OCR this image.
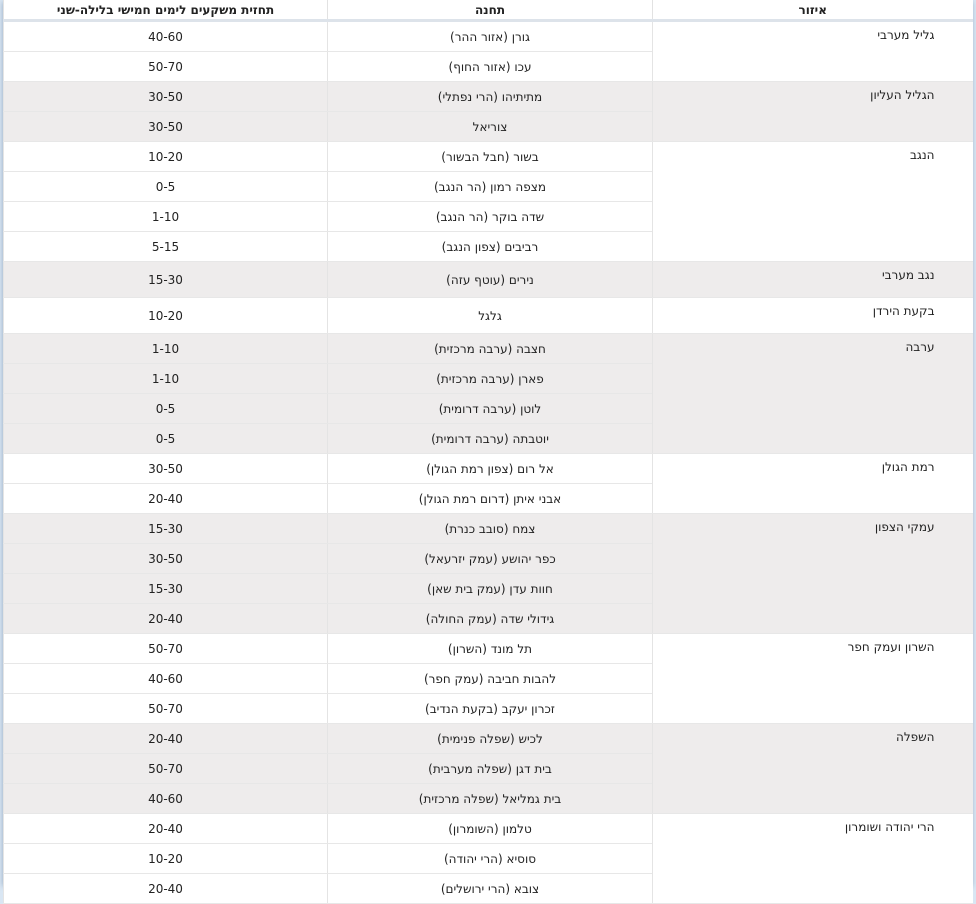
איזור	תחנה	תחזית משקעים לימים חמישי בלילה-שני
גליל מערבי	גורן (אזור ההר)	40-60
	עכו (אזור החוף)	50-70
הגליל העליון	מתיתיהו (הרי נפתלי)	30-50
	צוריאל	30-50
הנגב	בשור (חבל הבשור)	10-20
	מצפה רמון (הר הנגב)	0-5
	שדה בוקר (הר הנגב)	1-10
	רביבים (צפון הנגב)	5-15
נגב מערבי	נירים (עוטף עזה)	15-30
בקעת הירדן	גלגל	10-20
ערבה	חצבה (ערבה מרכזית)	1-10
	פארן (ערבה מרכזית)	1-10
	לוטן (ערבה דרומית)	0-5
	יוטבתה (ערבה דרומית)	0-5
רמת הגולן	אל רום (צפון רמת הגולן)	30-50
	אבני איתן (דרום רמת הגולן)	20-40
עמקי הצפון	צמח (סובב כנרת)	15-30
	כפר יהושע (עמק יזרעאל)	30-50
	חוות עדן (עמק בית שאן)	15-30
	גידולי שדה (עמק החולה)	20-40
השרון ועמק חפר	תל מונד (השרון)	50-70
	להבות חביבה (עמק חפר)	40-60
	זכרון יעקב (בקעת הנדיב)	50-70
השפלה	לכיש (שפלה פנימית)	20-40
	בית דגן (שפלה מערבית)	50-70
	בית גמליאל (שפלה מרכזית)	40-60
הרי יהודה ושומרון	טלמון (השומרון)	20-40
	סוסיא (הרי יהודה)	10-20
	צובא (הרי ירושלים)	20-40
